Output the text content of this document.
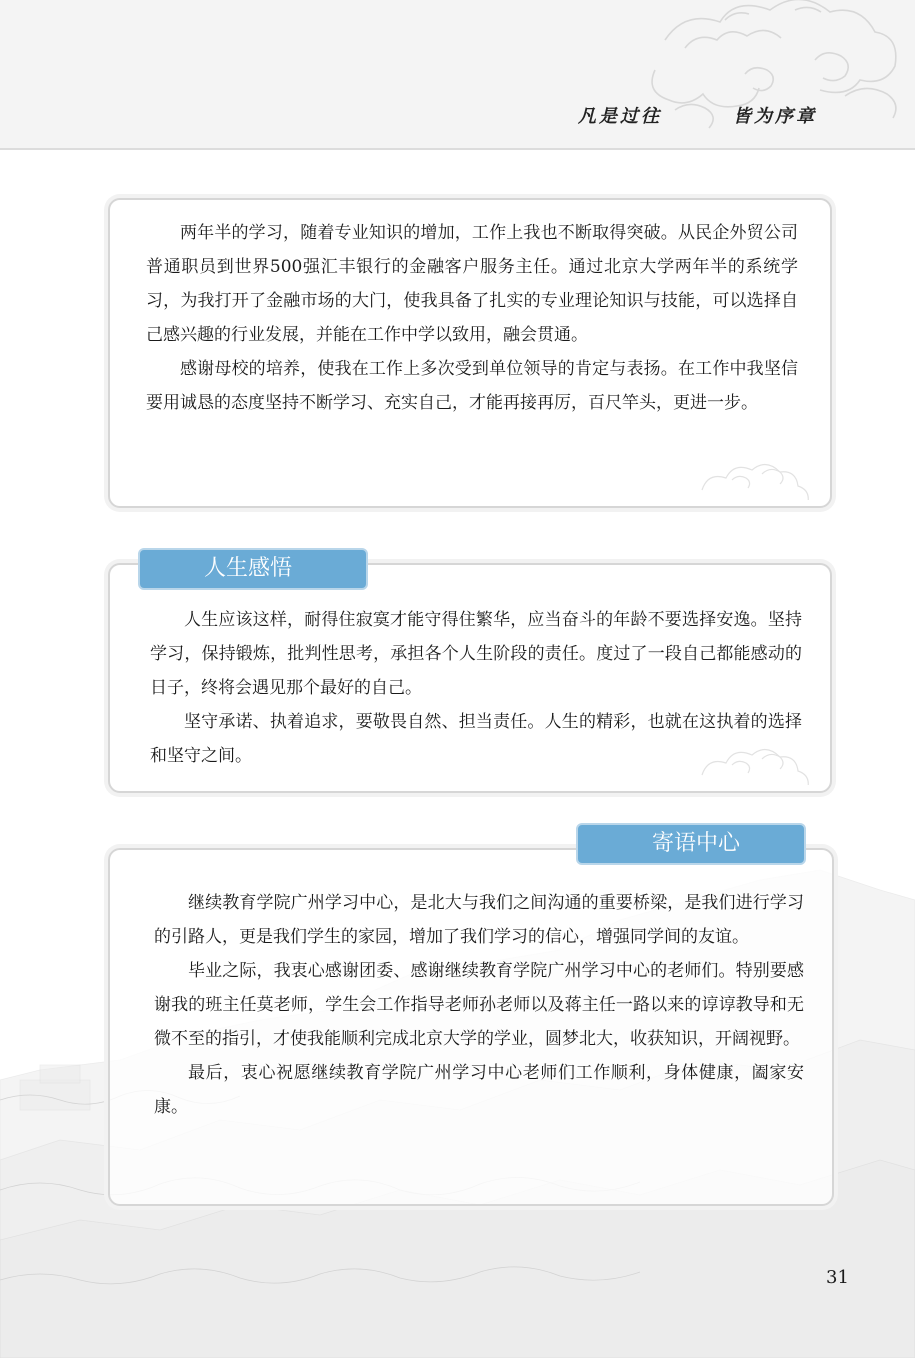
凡是过往	皆为序章

两年半的学习，随着专业知识的增加，工作上我也不断取得突破。从民企外贸公司普通职员到世界500强汇丰银行的金融客户服务主任。通过北京大学两年半的系统学习，为我打开了金融市场的大门，使我具备了扎实的专业理论知识与技能，可以选择自己感兴趣的行业发展，并能在工作中学以致用，融会贯通。

感谢母校的培养，使我在工作上多次受到单位领导的肯定与表扬。在工作中我坚信要用诚恳的态度坚持不断学习、充实自己，才能再接再厉，百尺竿头，更进一步。

人生应该这样，耐得住寂寞才能守得住繁华，应当奋斗的年龄不要选择安逸。坚持学习，保持锻炼，批判性思考，承担各个人生阶段的责任。度过了一段自己都能感动的日子，终将会遇见那个最好的自己。

坚守承诺、执着追求，要敬畏自然、担当责任。人生的精彩，也就在这执着的选择和坚守之间。

人生感悟

继续教育学院广州学习中心，是北大与我们之间沟通的重要桥梁，是我们进行学习的引路人，更是我们学生的家园，增加了我们学习的信心，增强同学间的友谊。

毕业之际，我衷心感谢团委、感谢继续教育学院广州学习中心的老师们。特别要感谢我的班主任莫老师，学生会工作指导老师孙老师以及蒋主任一路以来的谆谆教导和无微不至的指引，才使我能顺利完成北京大学的学业，圆梦北大，收获知识，开阔视野。

最后，衷心祝愿继续教育学院广州学习中心老师们工作顺利，身体健康，阖家安康。

寄语中心
31
